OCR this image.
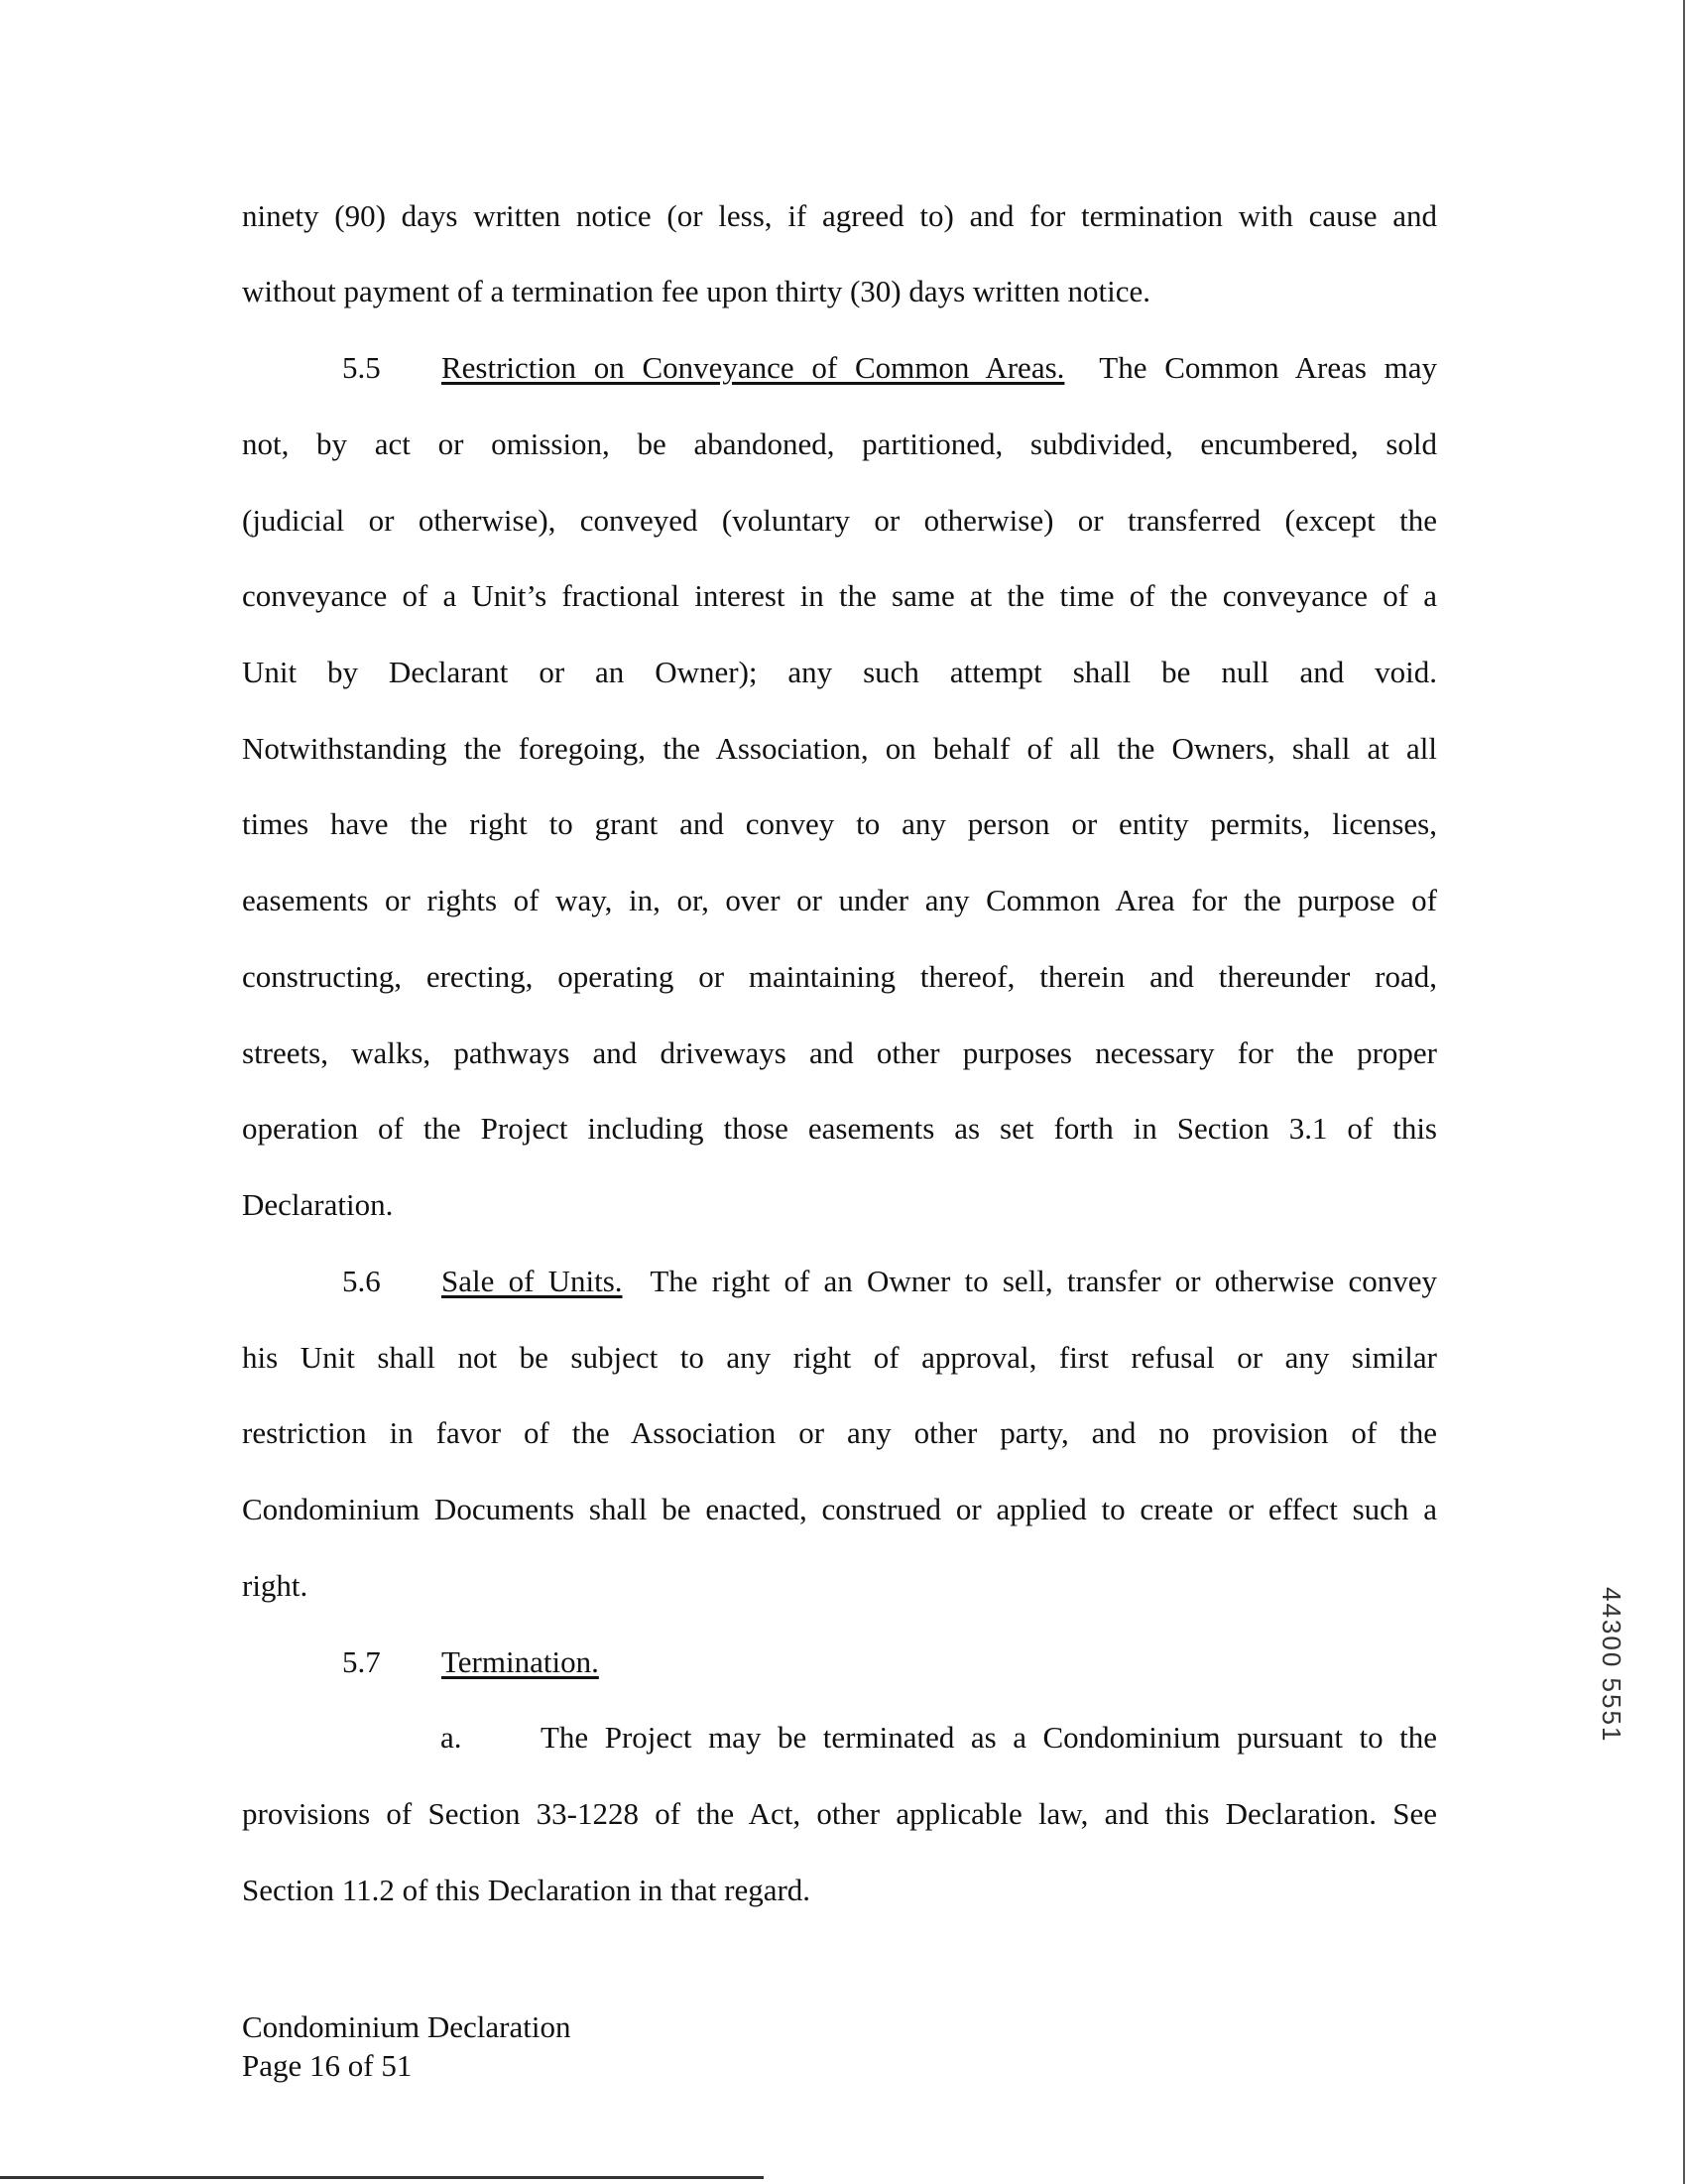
ninety (90) days written notice (or less, if agreed to) and for termination with cause and
without payment of a termination fee upon thirty (30) days written notice.
5.5 Restriction on Conveyance of Common Areas. The Common Areas may
not, by act or omission, be abandoned, partitioned, subdivided, encumbered, sold
(judicial or otherwise), conveyed (voluntary or otherwise) or transferred (except the
conveyance of a Unit’s fractional interest in the same at the time of the conveyance of a
Unit by Declarant or an Owner); any such attempt shall be null and void.
Notwithstanding the foregoing, the Association, on behalf of all the Owners, shall at all
times have the right to grant and convey to any person or entity permits, licenses,
easements or rights of way, in, or, over or under any Common Area for the purpose of
constructing, erecting, operating or maintaining thereof, therein and thereunder road,
streets, walks, pathways and driveways and other purposes necessary for the proper
operation of the Project including those easements as set forth in Section 3.1 of this
Declaration.
5.6 Sale of Units. The right of an Owner to sell, transfer or otherwise convey
his Unit shall not be subject to any right of approval, first refusal or any similar
restriction in favor of the Association or any other party, and no provision of the
Condominium Documents shall be enacted, construed or applied to create or effect such a
right.
5.7 Termination.
a.	The Project may be terminated as a Condominium pursuant to the
provisions of Section 33-1228 of the Act, other applicable law, and this Declaration. See
Section 11.2 of this Declaration in that regard.
Condominium Declaration
Page 16 of 51
44300 5551
